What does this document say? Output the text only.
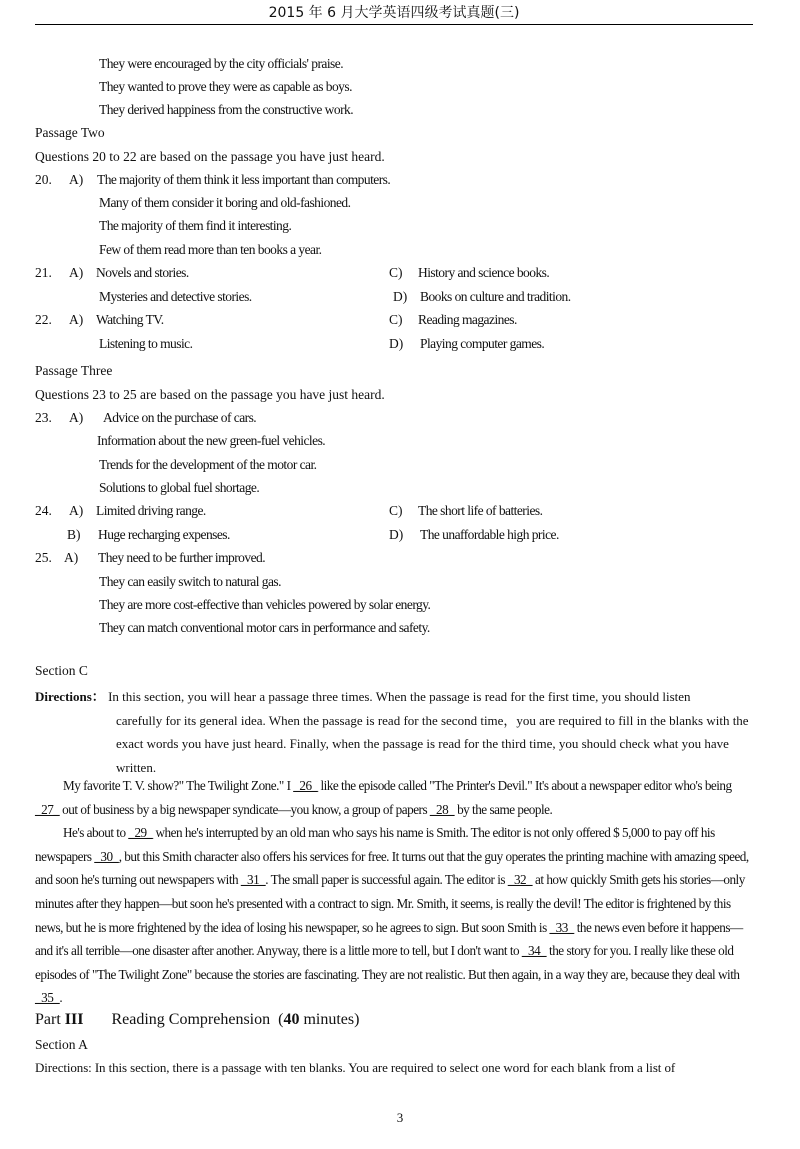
2015 年 6 月大学英语四级考试真题(三)
They were encouraged by the city officials' praise.
They wanted to prove they were as capable as boys.
They derived happiness from the constructive work.
Passage Two
Questions 20 to 22 are based on the passage you have just heard.
20. A) The majority of them think it less important than computers.
Many of them consider it boring and old-fashioned.
The majority of them find it interesting.
Few of them read more than ten books a year.
21. A) Novels and stories.	C) History and science books.
Mysteries and detective stories.	D) Books on culture and tradition.
22. A) Watching TV.	C) Reading magazines.
Listening to music.	D) Playing computer games.
Passage Three
Questions 23 to 25 are based on the passage you have just heard.
23. A) Advice on the purchase of cars.
Information about the new green-fuel vehicles.
Trends for the development of the motor car.
Solutions to global fuel shortage.
24. A) Limited driving range.	C) The short life of batteries.
B) Huge recharging expenses.	D) The unaffordable high price.
25. A) They need to be further improved.
They can easily switch to natural gas.
They are more cost-effective than vehicles powered by solar energy.
They can match conventional motor cars in performance and safety.
Section C
Directions： In this section, you will hear a passage three times. When the passage is read for the first time, you should listen
carefully for its general idea. When the passage is read for the second time，you are required to fill in the blanks with the exact words you have just heard. Finally, when the passage is read for the third time, you should check what you have written.

My favorite T. V. show?" The Twilight Zone." I _26_ like the episode called "The Printer's Devil." It's about a newspaper editor who's being _27_ out of business by a big newspaper syndicate—you know, a group of papers _28_ by the same people.

He's about to _29_ when he's interrupted by an old man who says his name is Smith. The editor is not only offered $ 5,000 to pay off his newspapers _30_, but this Smith character also offers his services for free. It turns out that the guy operates the printing machine with amazing speed, and soon he's turning out newspapers with _31_. The small paper is successful again. The editor is _32_ at how quickly Smith gets his stories—only minutes after they happen—but soon he's presented with a contract to sign. Mr. Smith, it seems, is really the devil! The editor is frightened by this news, but he is more frightened by the idea of losing his newspaper, so he agrees to sign. But soon Smith is _33_ the news even before it happens—and it's all terrible—one disaster after another. Anyway, there is a little more to tell, but I don't want to _34_ the story for you. I really like these old episodes of "The Twilight Zone" because the stories are fascinating. They are not realistic. But then again, in a way they are, because they deal with _35_.

Part III Reading Comprehension (40 minutes)
Section A
Directions: In this section, there is a passage with ten blanks. You are required to select one word for each blank from a list of
3
